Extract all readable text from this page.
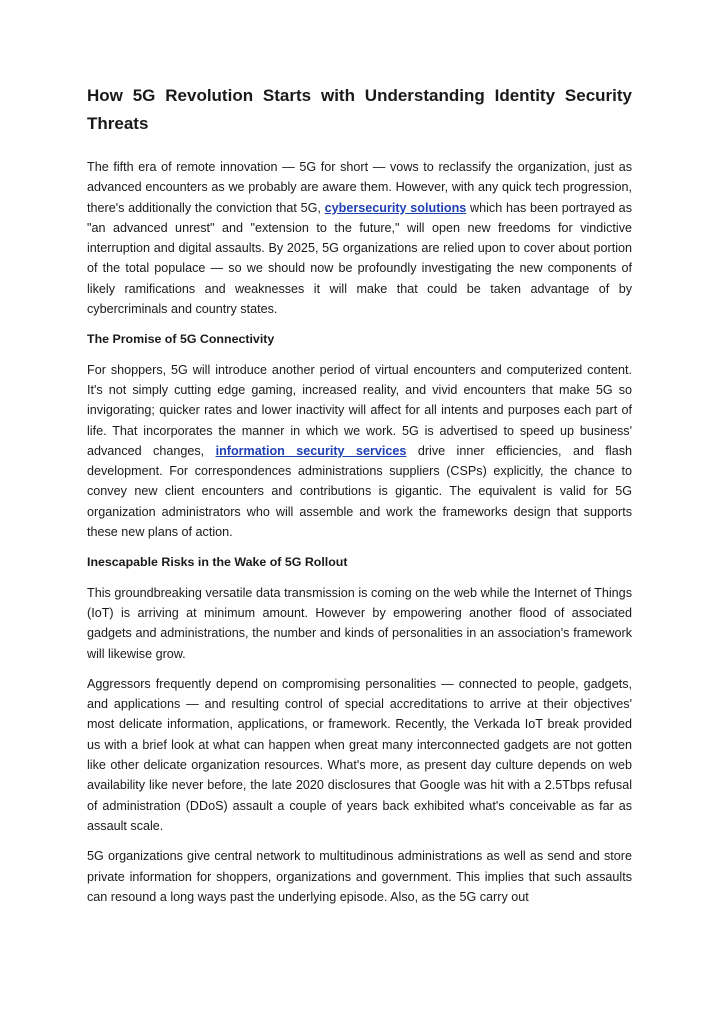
How 5G Revolution Starts with Understanding Identity Security Threats

The fifth era of remote innovation — 5G for short — vows to reclassify the organization, just as advanced encounters as we probably are aware them. However, with any quick tech progression, there's additionally the conviction that 5G, cybersecurity solutions which has been portrayed as "an advanced unrest" and "extension to the future," will open new freedoms for vindictive interruption and digital assaults. By 2025, 5G organizations are relied upon to cover about portion of the total populace — so we should now be profoundly investigating the new components of likely ramifications and weaknesses it will make that could be taken advantage of by cybercriminals and country states.

The Promise of 5G Connectivity

For shoppers, 5G will introduce another period of virtual encounters and computerized content. It's not simply cutting edge gaming, increased reality, and vivid encounters that make 5G so invigorating; quicker rates and lower inactivity will affect for all intents and purposes each part of life. That incorporates the manner in which we work. 5G is advertised to speed up business' advanced changes, information security services drive inner efficiencies, and flash development. For correspondences administrations suppliers (CSPs) explicitly, the chance to convey new client encounters and contributions is gigantic. The equivalent is valid for 5G organization administrators who will assemble and work the frameworks design that supports these new plans of action.

Inescapable Risks in the Wake of 5G Rollout

This groundbreaking versatile data transmission is coming on the web while the Internet of Things (IoT) is arriving at minimum amount. However by empowering another flood of associated gadgets and administrations, the number and kinds of personalities in an association's framework will likewise grow.

Aggressors frequently depend on compromising personalities — connected to people, gadgets, and applications — and resulting control of special accreditations to arrive at their objectives' most delicate information, applications, or framework. Recently, the Verkada IoT break provided us with a brief look at what can happen when great many interconnected gadgets are not gotten like other delicate organization resources. What's more, as present day culture depends on web availability like never before, the late 2020 disclosures that Google was hit with a 2.5Tbps refusal of administration (DDoS) assault a couple of years back exhibited what's conceivable as far as assault scale.

5G organizations give central network to multitudinous administrations as well as send and store private information for shoppers, organizations and government. This implies that such assaults can resound a long ways past the underlying episode. Also, as the 5G carry out
